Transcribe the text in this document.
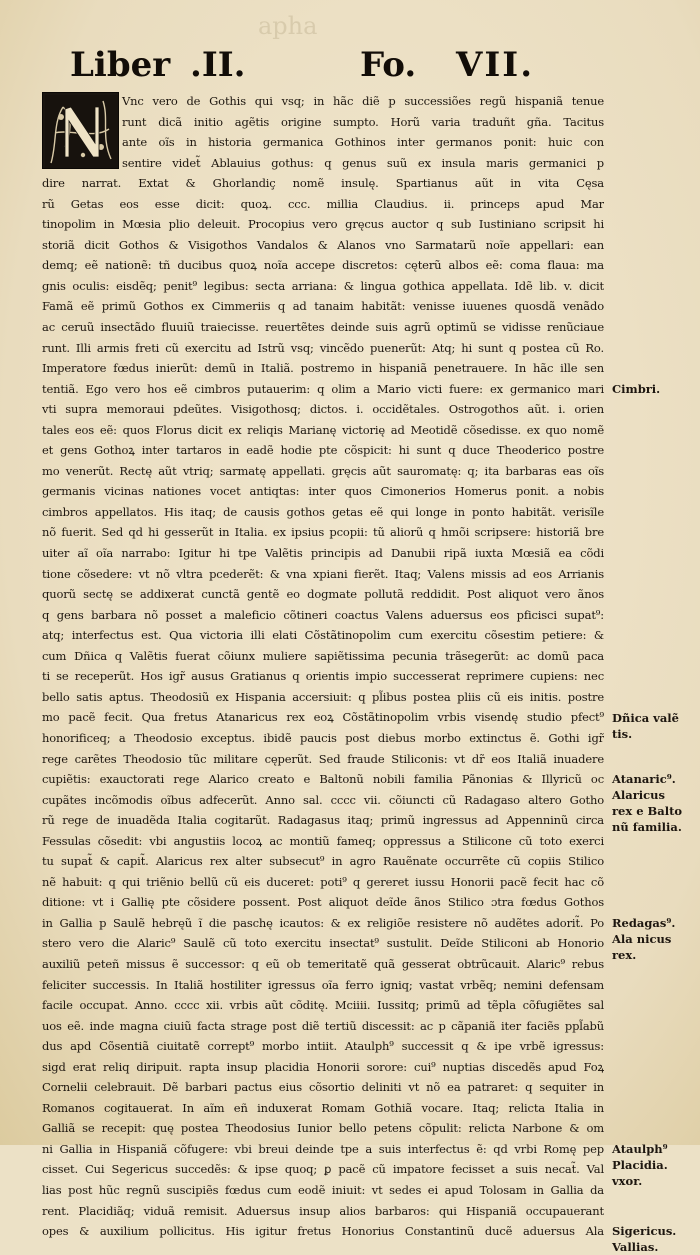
apha
Liber .II.	Fo. VII.
Vnc vero de Gothis qui vsq; in hãc diẽ p successiões regũ hispaniã tenue
runt dicã initio agẽtis origine sumpto. Horũ varia traduñt gña. Tacitus
ante oĩs in historia germanica Gothinos inter germanos ponit: huic con
sentire videt̃ Ablauius gothus: q genus suũ ex insula maris germanici p
dire narrat. Extat & Ghorlandiç nomẽ insulę. Spartianus aũt in vita Cęsa
rũ Getas eos esse dicit: quoꝝ. ccc. millia Claudius. ii. princeps apud Mar
tinopolim in Mœsia plio deleuit. Procopius vero gręcus auctor q sub Iustiniano scripsit hi
storiã dicit Gothos & Visigothos Vandalos & Alanos vno Sarmatarũ noĩe appellari: ean
demq; eẽ nationẽ: tñ ducibus quoꝝ noĩa accepe discretos: cęterũ albos eẽ: coma flaua: ma
gnis oculis: eisdẽq; penit⁹ legibus: secta arriana: & lingua gothica appellata. Idẽ lib. v. dicit
Famã eẽ primũ Gothos ex Cimmeriis q ad tanaim habitãt: venisse iuuenes quosdã venãdo
ac ceruũ insectãdo fluuiũ traiecisse. reuertẽtes deinde suis agrũ optimũ se vidisse renũciaue
runt. Illi armis freti cũ exercitu ad Istrũ vsq; vincẽdo puenerũt: Atq; hi sunt q postea cũ Ro.
Imperatore fœdus inierũt: demũ in Italiã. postremo in hispaniã penetrauere. In hãc ille sen
tentiã. Ego vero hos eẽ cimbros putauerim: q olim a Mario victi fuere: ex germanico mari
vti supra memoraui pdeũtes. Visigothosq; dictos. i. occidẽtales. Ostrogothos aũt. i. orien
tales eos eẽ: quos Florus dicit ex reliqis Marianę victorię ad Meotidẽ cõsedisse. ex quo nomẽ
et gens Gothoꝝ inter tartaros in eadẽ hodie pte cõspicit: hi sunt q duce Theoderico postre
mo venerũt. Rectę aũt vtriq; sarmatę appellati. gręcis aũt sauromatę: q; ita barbaras eas oĩs
germanis vicinas nationes vocet antiqtas: inter quos Cimonerios Homerus ponit. a nobis
cimbros appellatos. His itaq; de causis gothos getas eẽ qui longe in ponto habitãt. verisĩle
nõ fuerit. Sed qd hi gesserũt in Italia. ex ipsius pcopii: tũ aliorũ q hmõi scripsere: historiã bre
uiter aĩ oĩa narrabo: Igitur hi tpe Valẽtis principis ad Danubii ripã iuxta Mœsiã ea cõdi
tione cõsedere: vt nõ vltra pcederẽt: & vna xpiani fierẽt. Itaq; Valens missis ad eos Arrianis
quorũ sectę se addixerat cunctã gentẽ eo dogmate pollutã reddidit. Post aliquot vero ãnos
q gens barbara nõ posset a maleficio cõtineri coactus Valens aduersus eos pficisci supat⁹:
atq; interfectus est. Qua victoria illi elati Cõstãtinopolim cum exercitu cõsestim petiere: &
cum Dñica q Valẽtis fuerat cõiunx muliere sapiẽtissima pecunia trãsegerũt: ac domũ paca
ti se receperũt. Hos igr̃ ausus Gratianus q orientis impio successerat reprimere cupiens: nec
bello satis aptus. Theodosiũ ex Hispania accersiuit: q pl̃ibus postea pliis cũ eis initis. postre
mo pacẽ fecit. Qua fretus Atanaricus rex eoꝝ Cõstãtinopolim vrbis visendę studio pfect⁹
honorificeq; a Theodosio exceptus. ibidẽ paucis post diebus morbo extinctus ẽ. Gothi igr̃
rege carẽtes Theodosio tũc militare cęperũt. Sed fraude Stiliconis: vt dr̃ eos Italiã inuadere
cupiẽtis: exauctorati rege Alarico creato e Baltonũ nobili familia Pãnonias & Illyricũ oc
cupãtes incõmodis oĩbus adfecerũt. Anno sal. cccc vii. cõiuncti cũ Radagaso altero Gotho
rũ rege de inuadẽda Italia cogitarũt. Radagasus itaq; primũ ingressus ad Appenninũ circa
Fessulas cõsedit: vbi angustiis locoꝝ ac montiũ fameq; oppressus a Stilicone cũ toto exerci
tu supat̃ & capit̃. Alaricus rex alter subsecut⁹ in agro Rauẽnate occurrẽte cũ copiis Stilico
nẽ habuit: q qui triẽnio bellũ cũ eis duceret: poti⁹ q gereret iussu Honorii pacẽ fecit hac cõ
ditione: vt i Gallię pte cõsidere possent. Post aliquot deĩde ãnos Stilico ɔtra fœdus Gothos
in Gallia p Saulẽ hebręũ ĩ die paschę icautos: & ex religiõe resistere nõ audẽtes adorit̃. Po
stero vero die Alaric⁹ Saulẽ cũ toto exercitu insectat⁹ sustulit. Deĩde Stiliconi ab Honorio
auxiliũ peteñ missus ẽ successor: q eũ ob temeritatẽ quã gesserat obtrũcauit. Alaric⁹ rebus
feliciter successis. In Italiã hostiliter igressus oĩa ferro igniq; vastat vrbẽq; nemini defensam
facile occupat. Anno. cccc xii. vrbis aũt cõditę. Mciiii. Iussitq; primũ ad tẽpla cõfugiẽtes sal
uos eẽ. inde magna ciuiũ facta strage post diẽ tertiũ discessit: ac p cãpaniã iter faciẽs ppl̃abũ
dus apd Cõsentiã ciuitatẽ corrept⁹ morbo intiit. Ataulph⁹ successit q & ipe vrbẽ igressus:
sigd erat reliq diripuit. rapta insup placidia Honorii sorore: cui⁹ nuptias discedẽs apud Foꝝ
Cornelii celebrauit. Dẽ barbari pactus eius cõsortio deliniti vt nõ ea patraret: q sequiter in
Romanos cogitauerat. In aĩm eñ induxerat Romam Gothiã vocare. Itaq; relicta Italia in
Galliã se recepit: quę postea Theodosius Iunior bello petens cõpulit: relicta Narbone & om
ni Gallia in Hispaniã cõfugere: vbi breui deinde tpe a suis interfectus ẽ: qd vrbi Romę pep
cisset. Cui Segericus succedẽs: & ipse quoq; ꝑ pacẽ cũ impatore fecisset a suis necat̃. Val
lias post hũc regnũ suscipiẽs fœdus cum eodẽ iniuit: vt sedes ei apud Tolosam in Gallia da
rent. Placidiãq; viduã remisit. Aduersus insup alios barbaros: qui Hispaniã occupauerant
opes & auxilium pollicitus. His igitur fretus Honorius Constantinũ ducẽ aduersus Ala
Cimbri.
Dñica valẽ
tis.
Atanaric⁹.
Alaricus
rex e Balto
nũ familia.
Redagas⁹.
Ala nicus
rex.
Ataulph⁹
Placidia.
vxor.
Sigericus.
Vallias.
